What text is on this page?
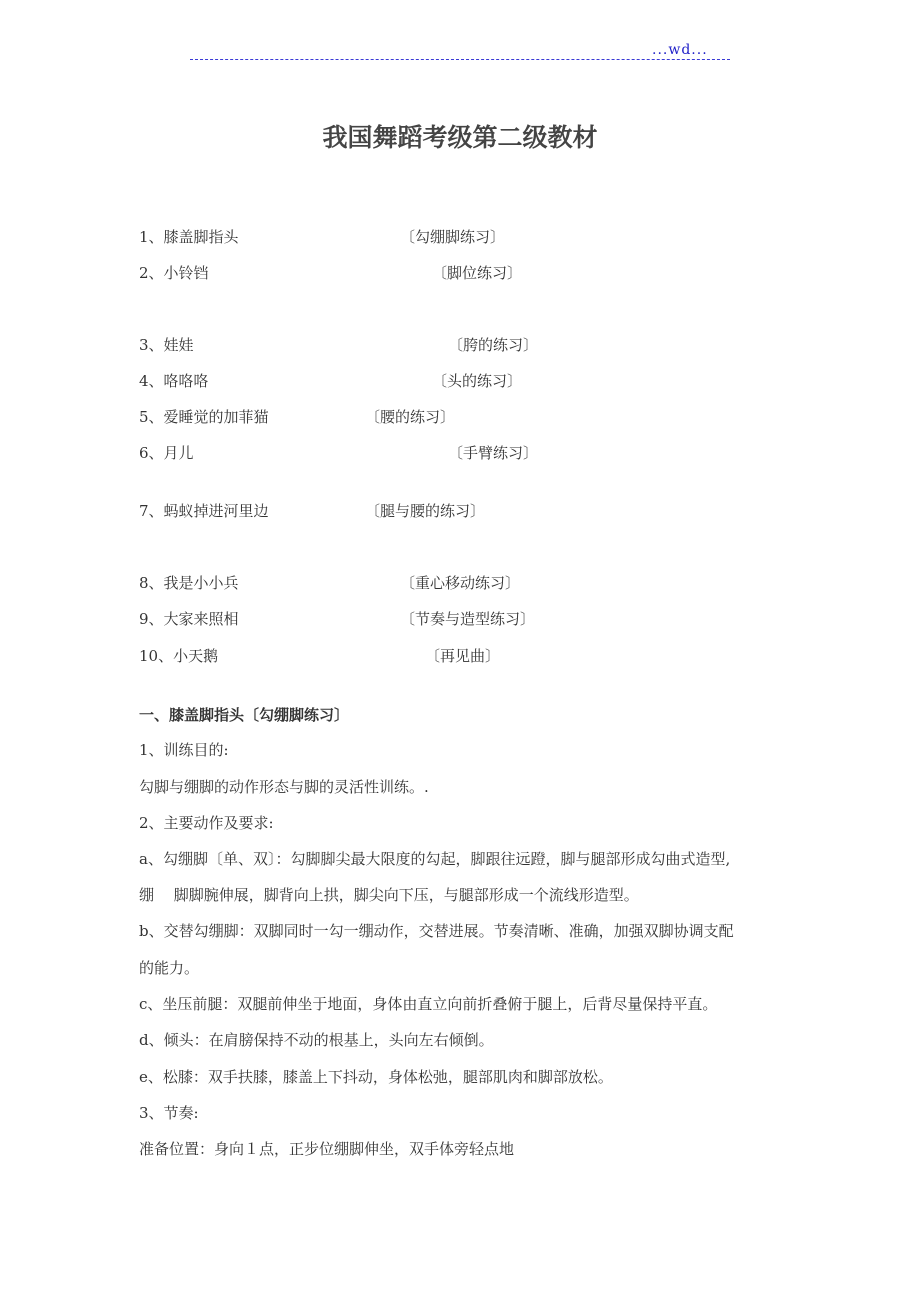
...wd...
我国舞蹈考级第二级教材
1、膝盖脚指头	〔勾绷脚练习〕
2、小铃铛	〔脚位练习〕
3、娃娃	〔胯的练习〕
4、咯咯咯	〔头的练习〕
5、爱睡觉的加菲猫	〔腰的练习〕
6、月儿	〔手臂练习〕
7、蚂蚁掉进河里边	〔腿与腰的练习〕
8、我是小小兵	〔重心移动练习〕
9、大家来照相	〔节奏与造型练习〕
10、小天鹅	〔再见曲〕
一、膝盖脚指头〔勾绷脚练习〕
1、训练目的:
勾脚与绷脚的动作形态与脚的灵活性训练。.
2、主要动作及要求:
a、勾绷脚〔单、双〕：勾脚脚尖最大限度的勾起，脚跟往远蹬，脚与腿部形成勾曲式造型,
绷　 脚脚腕伸展，脚背向上拱，脚尖向下压，与腿部形成一个流线形造型。
b、交替勾绷脚：双脚同时一勾一绷动作，交替进展。节奏清晰、准确，加强双脚协调支配
的能力。
c、坐压前腿：双腿前伸坐于地面，身体由直立向前折叠俯于腿上，后背尽量保持平直。
d、倾头：在肩膀保持不动的根基上，头向左右倾倒。
e、松膝：双手扶膝，膝盖上下抖动，身体松弛，腿部肌肉和脚部放松。
3、节奏:
准备位置：身向１点，正步位绷脚伸坐，双手体旁轻点地
